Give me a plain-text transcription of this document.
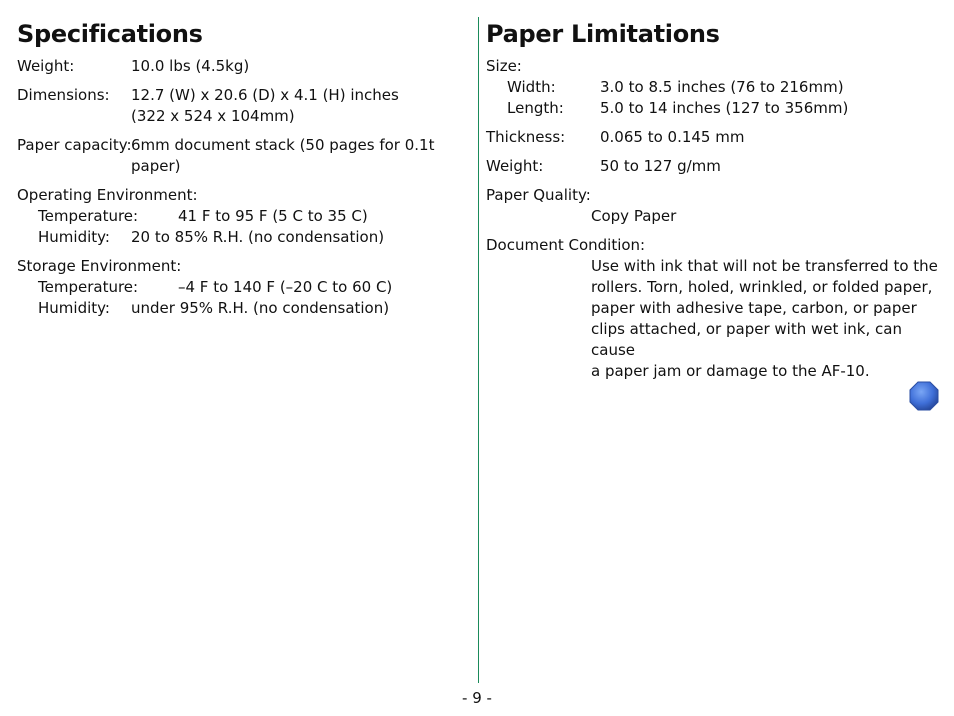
Specifications
Weight:	10.0 lbs (4.5kg)
Dimensions:	12.7 (W) x 20.6 (D) x 4.1 (H) inches
(322 x 524 x 104mm)
Paper capacity: 6mm document stack (50 pages for 0.1t
paper)
Operating Environment:
Temperature:	41 F to 95 F (5 C to 35 C)
Humidity:	20 to 85% R.H. (no condensation)
Storage Environment:
Temperature:	–4 F to 140 F (–20 C to 60 C)
Humidity:	under 95% R.H. (no condensation)
Paper Limitations
Size:
Width:	3.0 to 8.5 inches (76 to 216mm)
Length:	5.0 to 14 inches (127 to 356mm)
Thickness:	0.065 to 0.145 mm
Weight:	50 to 127 g/mm
Paper Quality:
Copy Paper
Document Condition:
Use with ink that will not be transferred to the
rollers. Torn, holed, wrinkled, or folded paper,
paper with adhesive tape, carbon, or paper
clips attached, or paper with wet ink, can cause
a paper jam or damage to the AF-10.
- 9 -
